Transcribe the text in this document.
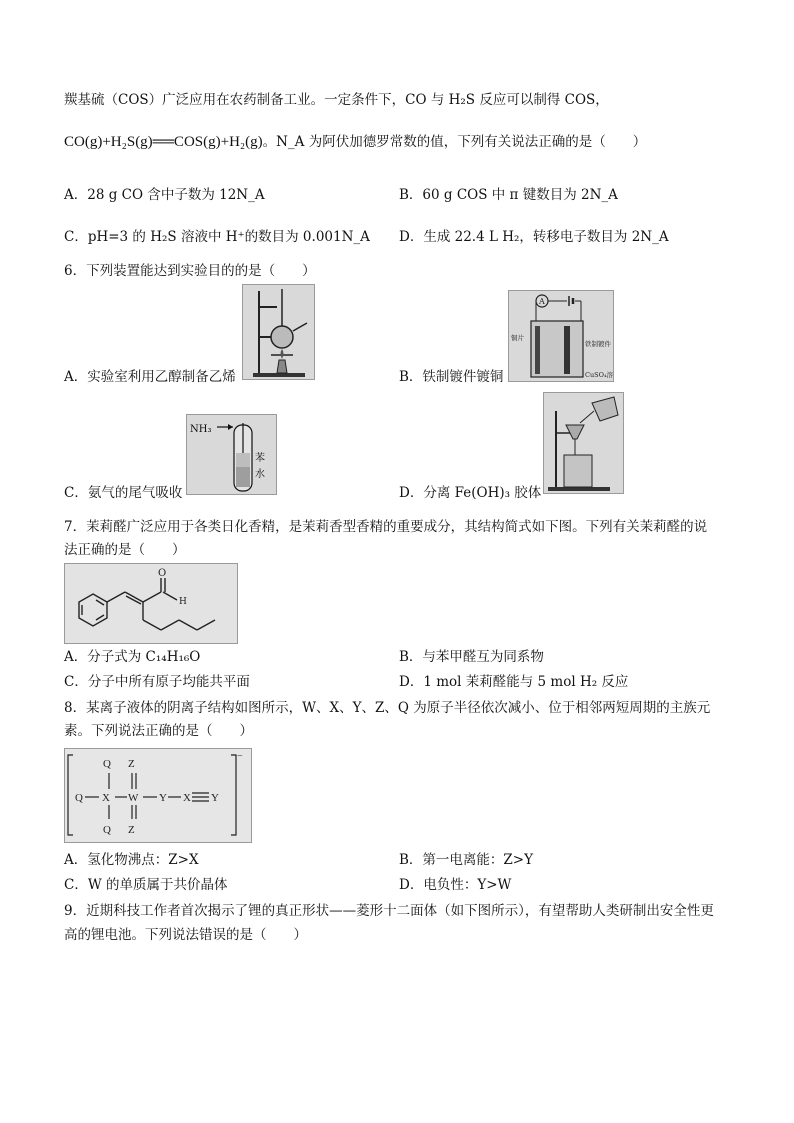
羰基硫（COS）广泛应用在农药制备工业。一定条件下，CO 与 H₂S 反应可以制得 COS，
CO(g)+H₂S(g)══COS(g)+H₂(g)。N_A 为阿伏加德罗常数的值，下列有关说法正确的是（　　）
A．28 g CO 含中子数为 12N_A	B．60 g COS 中 π 键数目为 2N_A
C．pH=3 的 H₂S 溶液中 H⁺的数目为 0.001N_A D．生成 22.4 L H₂，转移电子数目为 2N_A
6．下列装置能达到实验目的的是（　　）
A．实验室利用乙醇制备乙烯
A
铜片
铁制镀件
CuSO₄溶
B．铁制镀件镀铜
NH₃
苯
水
C．氨气的尾气吸收	D．分离 Fe(OH)₃ 胶体
7．茉莉醛广泛应用于各类日化香精，是茉莉香型香精的重要成分，其结构简式如下图。下列有关茉莉醛的说
法正确的是（　　）
O
H
A．分子式为 C₁₄H₁₆O	B．与苯甲醛互为同系物
C．分子中所有原子均能共平面	D．1 mol 茉莉醛能与 5 mol H₂ 反应
8．某离子液体的阴离子结构如图所示，W、X、Y、Z、Q 为原子半径依次减小、位于相邻两短周期的主族元
素。下列说法正确的是（　　）
Q
Q
Q
X W
Z
Z
Y X Y
−
A．氢化物沸点：Z>X	B．第一电离能：Z>Y
C．W 的单质属于共价晶体	D．电负性：Y>W
9．近期科技工作者首次揭示了锂的真正形状——菱形十二面体（如下图所示），有望帮助人类研制出安全性更
高的锂电池。下列说法错误的是（　　）
